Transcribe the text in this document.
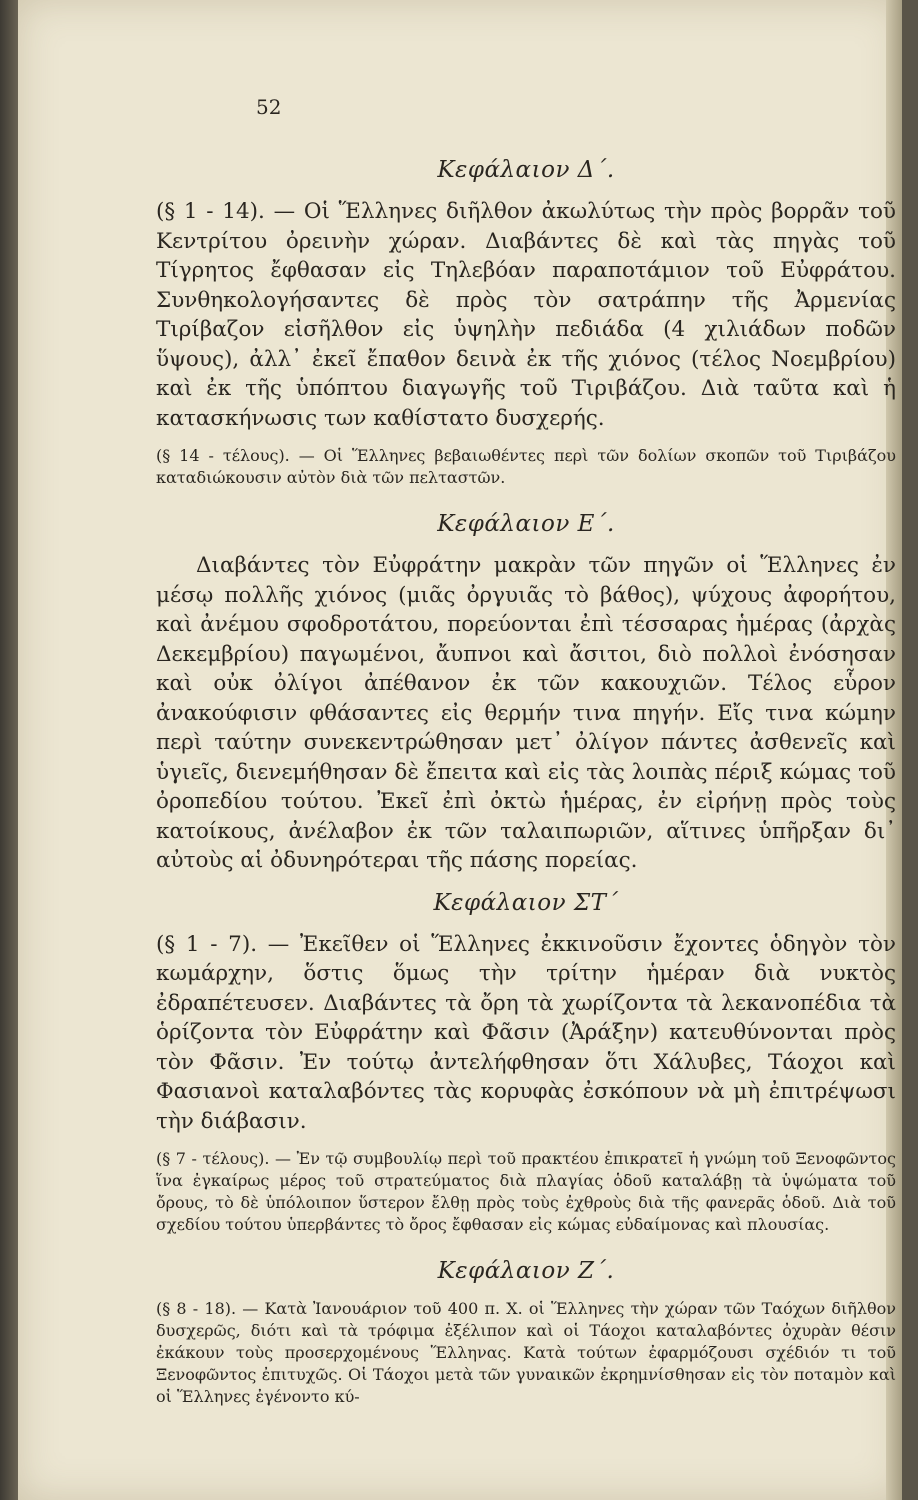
52
Κεφάλαιον Δ΄.

(§ 1 - 14). — Οἱ Ἕλληνες διῆλθον ἀκωλύτως τὴν πρὸς βορρᾶν τοῦ Κεντρίτου ὀρεινὴν χώραν. Διαβάντες δὲ καὶ τὰς πηγὰς τοῦ Τίγρητος ἔφθασαν εἰς Τηλεβόαν παραποτάμιον τοῦ Εὐφράτου. Συνθηκολογήσαντες δὲ πρὸς τὸν σατράπην τῆς Ἀρμενίας Τιρίβαζον εἰσῆλθον εἰς ὑψηλὴν πεδιάδα (4 χιλιάδων ποδῶν ὕψους), ἀλλ᾽ ἐκεῖ ἔπαθον δεινὰ ἐκ τῆς χιόνος (τέλος Νοεμβρίου) καὶ ἐκ τῆς ὑπόπτου διαγωγῆς τοῦ Τιριβάζου. Διὰ ταῦτα καὶ ἡ κατασκήνωσις των καθίστατο δυσχερής.

(§ 14 - τέλους). — Οἱ Ἕλληνες βεβαιωθέντες περὶ τῶν δολίων σκοπῶν τοῦ Τιριβάζου καταδιώκουσιν αὐτὸν διὰ τῶν πελταστῶν.

Κεφάλαιον Ε΄.

Διαβάντες τὸν Εὐφράτην μακρὰν τῶν πηγῶν οἱ Ἕλληνες ἐν μέσῳ πολλῆς χιόνος (μιᾶς ὀργυιᾶς τὸ βάθος), ψύχους ἀφορήτου, καὶ ἀνέμου σφοδροτάτου, πορεύονται ἐπὶ τέσσαρας ἡμέρας (ἀρχὰς Δεκεμβρίου) παγωμένοι, ἄυπνοι καὶ ἄσιτοι, διὸ πολλοὶ ἐνόσησαν καὶ οὐκ ὀλίγοι ἀπέθανον ἐκ τῶν κακουχιῶν. Τέλος εὗρον ἀνακούφισιν φθάσαντες εἰς θερμήν τινα πηγήν. Εἴς τινα κώμην περὶ ταύτην συνεκεντρώθησαν μετ᾽ ὀλίγον πάντες ἀσθενεῖς καὶ ὑγιεῖς, διενεμήθησαν δὲ ἔπειτα καὶ εἰς τὰς λοιπὰς πέριξ κώμας τοῦ ὀροπεδίου τούτου. Ἐκεῖ ἐπὶ ὀκτὼ ἡμέρας, ἐν εἰρήνῃ πρὸς τοὺς κατοίκους, ἀνέλαβον ἐκ τῶν ταλαιπωριῶν, αἵτινες ὑπῆρξαν δι᾽ αὐτοὺς αἱ ὀδυνηρότεραι τῆς πάσης πορείας.

Κεφάλαιον ΣΤ΄

(§ 1 - 7). — Ἐκεῖθεν οἱ Ἕλληνες ἐκκινοῦσιν ἔχοντες ὁδηγὸν τὸν κωμάρχην, ὅστις ὅμως τὴν τρίτην ἡμέραν διὰ νυκτὸς ἐδραπέτευσεν. Διαβάντες τὰ ὄρη τὰ χωρίζοντα τὰ λεκανοπέδια τὰ ὁρίζοντα τὸν Εὐφράτην καὶ Φᾶσιν (Ἀράξην) κατευθύνονται πρὸς τὸν Φᾶσιν. Ἐν τούτῳ ἀντελήφθησαν ὅτι Χάλυβες, Τάοχοι καὶ Φασιανοὶ καταλαβόντες τὰς κορυφὰς ἐσκόπουν νὰ μὴ ἐπιτρέψωσι τὴν διάβασιν.

(§ 7 - τέλους). — Ἐν τῷ συμβουλίῳ περὶ τοῦ πρακτέου ἐπικρατεῖ ἡ γνώμη τοῦ Ξενοφῶντος ἵνα ἐγκαίρως μέρος τοῦ στρατεύματος διὰ πλαγίας ὁδοῦ καταλάβῃ τὰ ὑψώματα τοῦ ὄρους, τὸ δὲ ὑπόλοιπον ὕστερον ἔλθῃ πρὸς τοὺς ἐχθροὺς διὰ τῆς φανερᾶς ὁδοῦ. Διὰ τοῦ σχεδίου τούτου ὑπερβάντες τὸ ὄρος ἔφθασαν εἰς κώμας εὐδαίμονας καὶ πλουσίας.

Κεφάλαιον Ζ΄.

(§ 8 - 18). — Κατὰ Ἰανουάριον τοῦ 400 π. Χ. οἱ Ἕλληνες τὴν χώραν τῶν Ταόχων διῆλθον δυσχερῶς, διότι καὶ τὰ τρόφιμα ἐξέλιπον καὶ οἱ Τάοχοι καταλαβόντες ὀχυρὰν θέσιν ἐκάκουν τοὺς προσερχομένους Ἕλληνας. Κατὰ τούτων ἐφαρμόζουσι σχέδιόν τι τοῦ Ξενοφῶντος ἐπιτυχῶς. Οἱ Τάοχοι μετὰ τῶν γυναικῶν ἐκρημνίσθησαν εἰς τὸν ποταμὸν καὶ οἱ Ἕλληνες ἐγένοντο κύ-
